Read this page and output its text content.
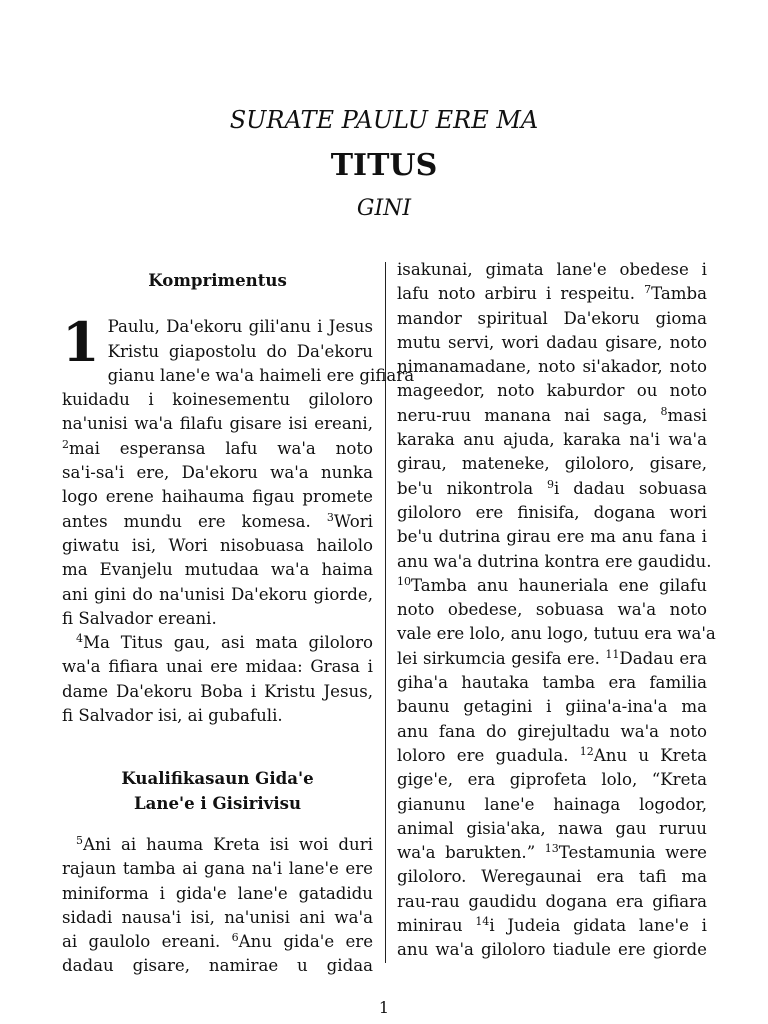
SURATE PAULU ERE MA
TITUS
GINI
Komprimentus
1 Paulu, Da'ekoru gili'anu i Jesus
Kristu giapostolu do Da'ekoru
gianu lane'e wa'a haimeli ere gifiara
kuidadu i koinesementu giloloro
na'unisi wa'a filafu gisare isi ereani,
$^2$mai esperansa lafu wa'a noto
sa'i-sa'i ere, Da'ekoru wa'a nunka
logo erene haihauma figau promete
antes mundu ere komesa. $^3$Wori
giwatu isi, Wori nisobuasa hailolo
ma Evanjelu mutudaa wa'a haima
ani gini do na'unisi Da'ekoru giorde,
fi Salvador ereani.
$^4$Ma Titus gau, asi mata giloloro
wa'a fifiara unai ere midaa: Grasa i
dame Da'ekoru Boba i Kristu Jesus,
fi Salvador isi, ai gubafuli.
Kualifikasaun Gida'e
Lane'e i Gisirivisu
$^5$Ani ai hauma Kreta isi woi duri
rajaun tamba ai gana na'i lane'e ere
miniforma i gida'e lane'e gatadidu
sidadi nausa'i isi, na'unisi ani wa'a
ai gaulolo ereani. $^6$Anu gida'e ere
dadau gisare, namirae u gidaa
isakunai, gimata lane'e obedese i
lafu noto arbiru i respeitu. $^7$Tamba
mandor spiritual Da'ekoru gioma
mutu servi, wori dadau gisare, noto
nimanamadane, noto si'akador, noto
mageedor, noto kaburdor ou noto
neru-ruu manana nai saga, $^8$masi
karaka anu ajuda, karaka na'i wa'a
girau, mateneke, giloloro, gisare,
be'u nikontrola $^9$i dadau sobuasa
giloloro ere finisifa, dogana wori
be'u dutrina girau ere ma anu fana i
anu wa'a dutrina kontra ere gaudidu.
$^{10}$Tamba anu hauneriala ene gilafu
noto obedese, sobuasa wa'a noto
vale ere lolo, anu logo, tutuu era wa'a
lei sirkumcia gesifa ere. $^{11}$Dadau era
giha'a hautaka tamba era familia
baunu getagini i giina'a-ina'a ma
anu fana do girejultadu wa'a noto
loloro ere guadula. $^{12}$Anu u Kreta
gige'e, era giprofeta lolo, “Kreta
gianunu lane'e hainaga logodor,
animal gisia'aka, nawa gau ruruu
wa'a barukten.” $^{13}$Testamunia were
giloloro. Weregaunai era tafi ma
rau-rau gaudidu dogana era gifiara
minirau $^{14}$i Judeia gidata lane'e i
anu wa'a giloloro tiadule ere giorde
1
